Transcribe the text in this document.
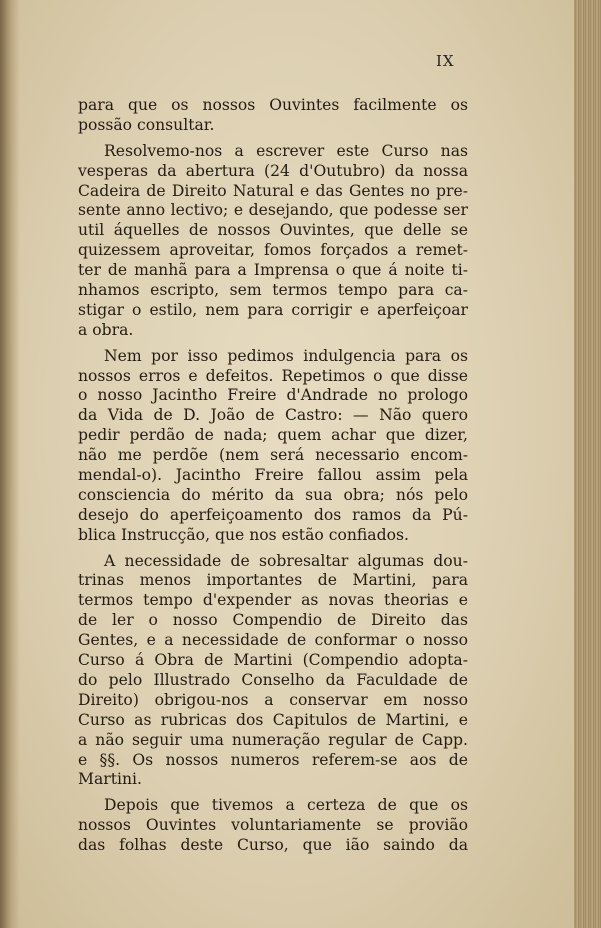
IX
para que os nossos Ouvintes facilmente os
possão consultar.
Resolvemo-nos a escrever este Curso nas
vesperas da abertura (24 d'Outubro) da nossa
Cadeira de Direito Natural e das Gentes no pre-
sente anno lectivo; e desejando, que podesse ser
util áquelles de nossos Ouvintes, que delle se
quizessem aproveitar, fomos forçados a remet-
ter de manhã para a Imprensa o que á noite ti-
nhamos escripto, sem termos tempo para ca-
stigar o estilo, nem para corrigir e aperfeiçoar
a obra.
Nem por isso pedimos indulgencia para os
nossos erros e defeitos. Repetimos o que disse
o nosso Jacintho Freire d'Andrade no prologo
da Vida de D. João de Castro: — Não quero
pedir perdão de nada; quem achar que dizer,
não me perdõe (nem será necessario encom-
mendal-o). Jacintho Freire fallou assim pela
consciencia do mérito da sua obra; nós pelo
desejo do aperfeiçoamento dos ramos da Pú-
blica Instrucção, que nos estão confiados.
A necessidade de sobresaltar algumas dou-
trinas menos importantes de Martini, para
termos tempo d'expender as novas theorias e
de ler o nosso Compendio de Direito das
Gentes, e a necessidade de conformar o nosso
Curso á Obra de Martini (Compendio adopta-
do pelo Illustrado Conselho da Faculdade de
Direito) obrigou-nos a conservar em nosso
Curso as rubricas dos Capitulos de Martini, e
a não seguir uma numeração regular de Capp.
e §§. Os nossos numeros referem-se aos de
Martini.
Depois que tivemos a certeza de que os
nossos Ouvintes voluntariamente se provião
das folhas deste Curso, que ião saindo da
